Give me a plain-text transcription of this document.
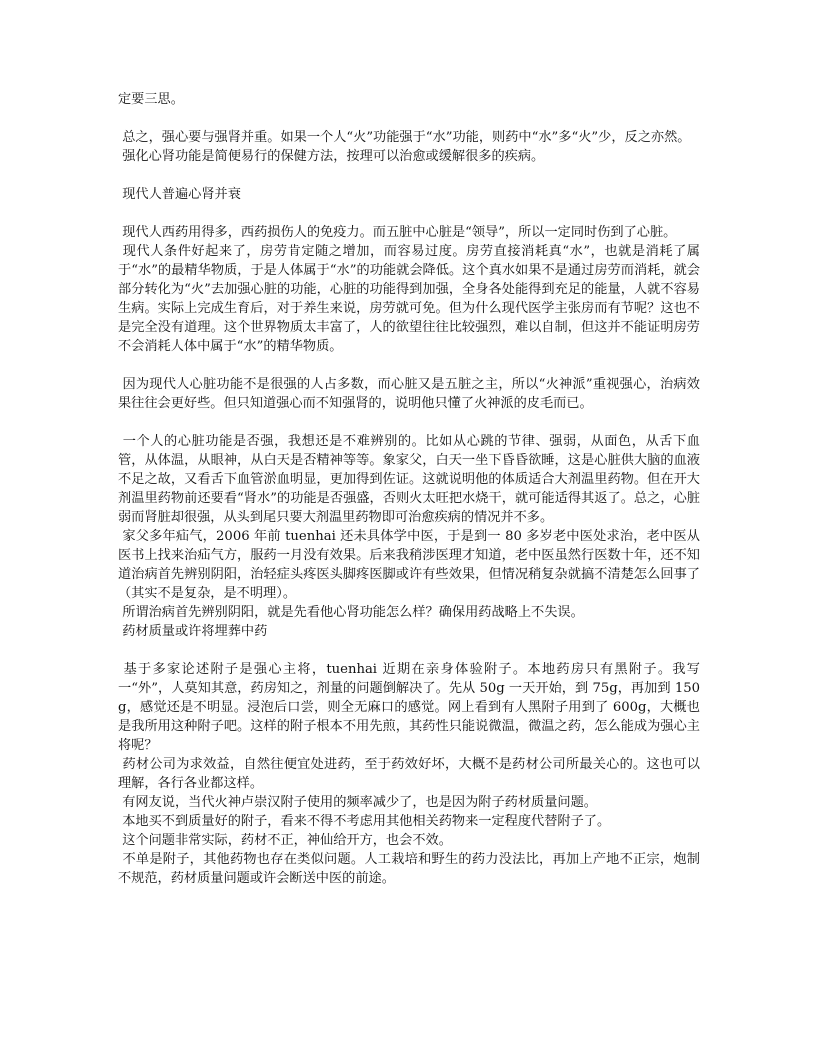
定要三思。

总之，强心要与强肾并重。如果一个人“火”功能强于“水”功能，则药中“水”多“火”少，反之亦然。

强化心肾功能是简便易行的保健方法，按理可以治愈或缓解很多的疾病。

现代人普遍心肾并衰

现代人西药用得多，西药损伤人的免疫力。而五脏中心脏是“领导”，所以一定同时伤到了心脏。

现代人条件好起来了，房劳肯定随之增加，而容易过度。房劳直接消耗真“水”，也就是消耗了属于“水”的最精华物质，于是人体属于“水”的功能就会降低。这个真水如果不是通过房劳而消耗，就会部分转化为“火”去加强心脏的功能，心脏的功能得到加强，全身各处能得到充足的能量，人就不容易生病。实际上完成生育后，对于养生来说，房劳就可免。但为什么现代医学主张房而有节呢？这也不是完全没有道理。这个世界物质太丰富了，人的欲望往往比较强烈，难以自制，但这并不能证明房劳不会消耗人体中属于“水”的精华物质。

因为现代人心脏功能不是很强的人占多数，而心脏又是五脏之主，所以“火神派”重视强心，治病效果往往会更好些。但只知道强心而不知强肾的，说明他只懂了火神派的皮毛而已。

一个人的心脏功能是否强，我想还是不难辨别的。比如从心跳的节律、强弱，从面色，从舌下血管，从体温，从眼神，从白天是否精神等等。象家父，白天一坐下昏昏欲睡，这是心脏供大脑的血液不足之故，又看舌下血管淤血明显，更加得到佐证。这就说明他的体质适合大剂温里药物。但在开大剂温里药物前还要看“肾水”的功能是否强盛，否则火太旺把水烧干，就可能适得其返了。总之，心脏弱而肾脏却很强，从头到尾只要大剂温里药物即可治愈疾病的情况并不多。

家父多年疝气，2006 年前 tuenhai 还未具体学中医，于是到一 80 多岁老中医处求治，老中医从医书上找来治疝气方，服药一月没有效果。后来我稍涉医理才知道，老中医虽然行医数十年，还不知道治病首先辨别阴阳，治轻症头疼医头脚疼医脚或许有些效果，但情况稍复杂就搞不清楚怎么回事了（其实不是复杂，是不明理）。

所谓治病首先辨别阴阳，就是先看他心肾功能怎么样？确保用药战略上不失误。

药材质量或许将埋葬中药

基于多家论述附子是强心主将，tuenhai 近期在亲身体验附子。本地药房只有黑附子。我写一“外”，人莫知其意，药房知之，剂量的问题倒解决了。先从 50g 一天开始，到 75g，再加到 150g，感觉还是不明显。浸泡后口尝，则全无麻口的感觉。网上看到有人黑附子用到了 600g，大概也是我所用这种附子吧。这样的附子根本不用先煎，其药性只能说微温，微温之药，怎么能成为强心主将呢？

药材公司为求效益，自然往便宜处进药，至于药效好坏，大概不是药材公司所最关心的。这也可以理解，各行各业都这样。

有网友说，当代火神卢崇汉附子使用的频率减少了，也是因为附子药材质量问题。

本地买不到质量好的附子，看来不得不考虑用其他相关药物来一定程度代替附子了。

这个问题非常实际，药材不正，神仙给开方，也会不效。

不单是附子，其他药物也存在类似问题。人工栽培和野生的药力没法比，再加上产地不正宗，炮制不规范，药材质量问题或许会断送中医的前途。
